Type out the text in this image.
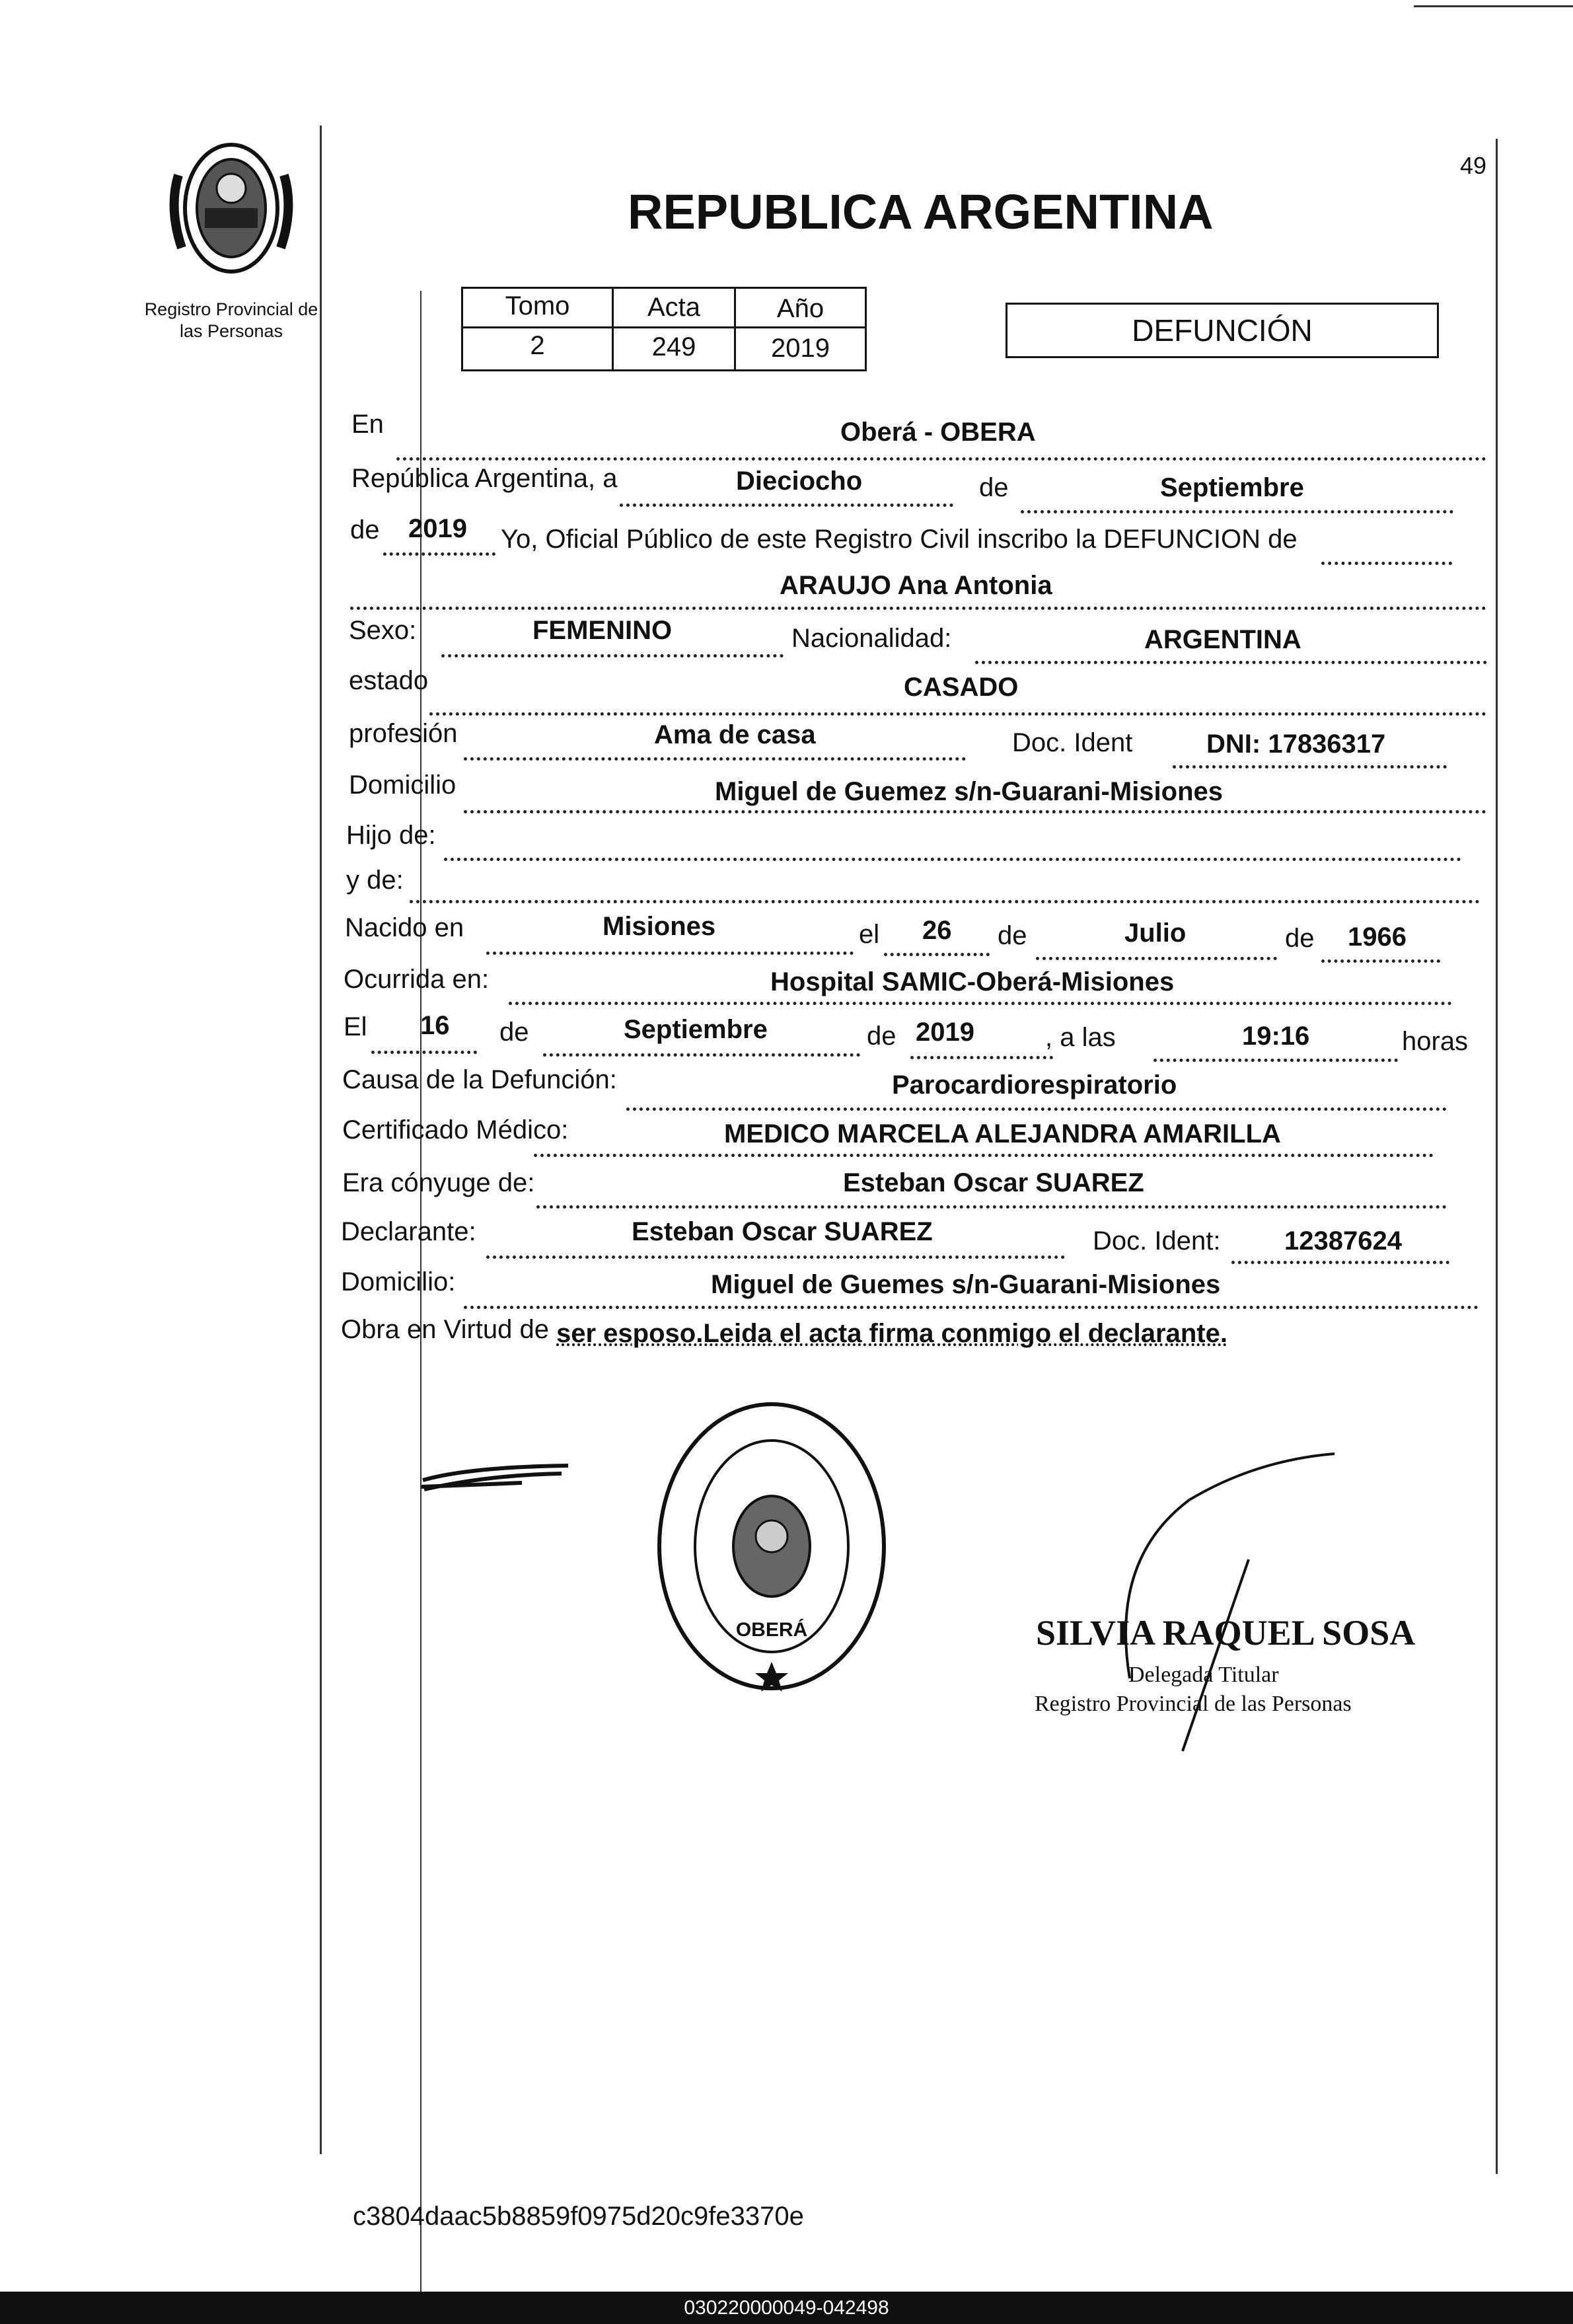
49
Registro Provincial de
las Personas
REPUBLICA ARGENTINA
Tomo	Acta	Año
2	249	2019
DEFUNCIÓN
En	Oberá - OBERA
República Argentina, a	Dieciocho	de	Septiembre
de 2019 Yo, Oficial Público de este Registro Civil inscribo la DEFUNCION de
ARAUJO Ana Antonia
Sexo:	FEMENINO	Nacionalidad:	ARGENTINA
estado	CASADO
profesión	Ama de casa	Doc. Ident	DNI: 17836317
Domicilio	Miguel de Guemez s/n-Guarani-Misiones
Hijo de:
y de:
Nacido en	Misiones	el 26 de	Julio	de 1966
Ocurrida en:	Hospital SAMIC-Oberá-Misiones
El 16 de	Septiembre	de 2019	, a las	19:16	horas
Causa de la Defunción:	Parocardiorespiratorio
Certificado Médico:	MEDICO MARCELA ALEJANDRA AMARILLA
Era cónyuge de:	Esteban Oscar SUAREZ
Declarante:	Esteban Oscar SUAREZ	Doc. Ident: 12387624
Domicilio:	Miguel de Guemes s/n-Guarani-Misiones
Obra en Virtud de ser esposo.Leida el acta firma conmigo el declarante.
OBERÁ	SILVIA RAQUEL SOSA
Delegada Titular
Registro Provincial de las Personas
c3804daac5b8859f0975d20c9fe3370e
030220000049-042498
